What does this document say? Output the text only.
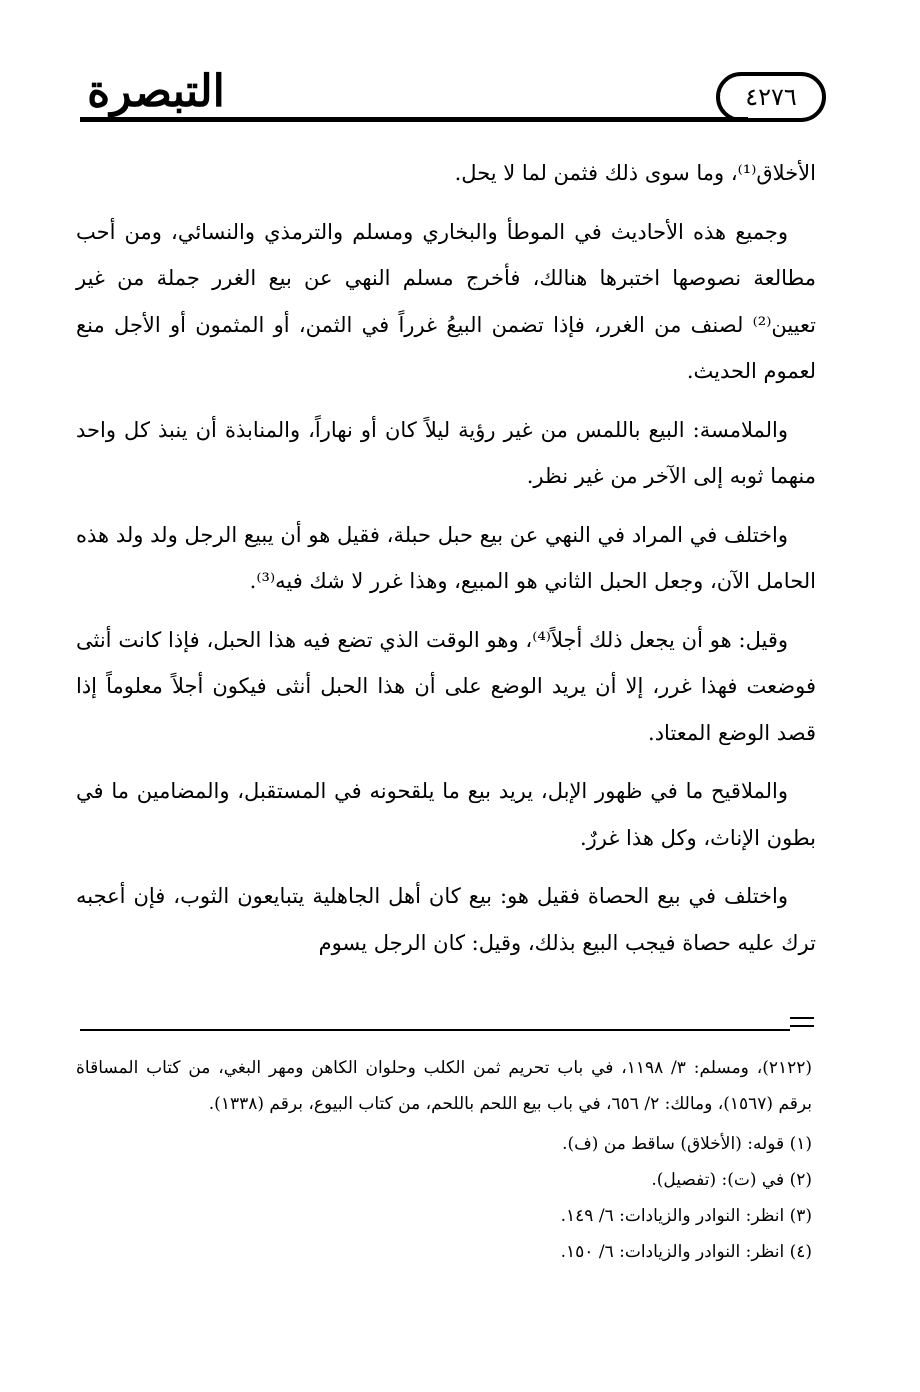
التبصرة	٤٢٧٦

الأخلاق⁽¹⁾، وما سوى ذلك فثمن لما لا يحل.

وجميع هذه الأحاديث في الموطأ والبخاري ومسلم والترمذي والنسائي، ومن أحب مطالعة نصوصها اختبرها هنالك، فأخرج مسلم النهي عن بيع الغرر جملة من غير تعيين⁽²⁾ لصنف من الغرر، فإذا تضمن البيعُ غرراً في الثمن، أو المثمون أو الأجل منع لعموم الحديث.

والملامسة: البيع باللمس من غير رؤية ليلاً كان أو نهاراً، والمنابذة أن ينبذ كل واحد منهما ثوبه إلى الآخر من غير نظر.

واختلف في المراد في النهي عن بيع حبل حبلة، فقيل هو أن يبيع الرجل ولد ولد هذه الحامل الآن، وجعل الحبل الثاني هو المبيع، وهذا غرر لا شك فيه⁽³⁾.

وقيل: هو أن يجعل ذلك أجلاً⁽⁴⁾، وهو الوقت الذي تضع فيه هذا الحبل، فإذا كانت أنثى فوضعت فهذا غرر، إلا أن يريد الوضع على أن هذا الحبل أنثى فيكون أجلاً معلوماً إذا قصد الوضع المعتاد.

والملاقيح ما في ظهور الإبل، يريد بيع ما يلقحونه في المستقبل، والمضامين ما في بطون الإناث، وكل هذا غررٌ.

واختلف في بيع الحصاة فقيل هو: بيع كان أهل الجاهلية يتبايعون الثوب، فإن أعجبه ترك عليه حصاة فيجب البيع بذلك، وقيل: كان الرجل يسوم

(٢١٢٢)، ومسلم: ٣/ ١١٩٨، في باب تحريم ثمن الكلب وحلوان الكاهن ومهر البغي، من كتاب المساقاة برقم (١٥٦٧)، ومالك: ٢/ ٦٥٦، في باب بيع اللحم باللحم، من كتاب البيوع، برقم (١٣٣٨).

(١) قوله: (الأخلاق) ساقط من (ف).

(٢) في (ت): (تفصيل).

(٣) انظر: النوادر والزيادات: ٦/ ١٤٩.

(٤) انظر: النوادر والزيادات: ٦/ ١٥٠.
